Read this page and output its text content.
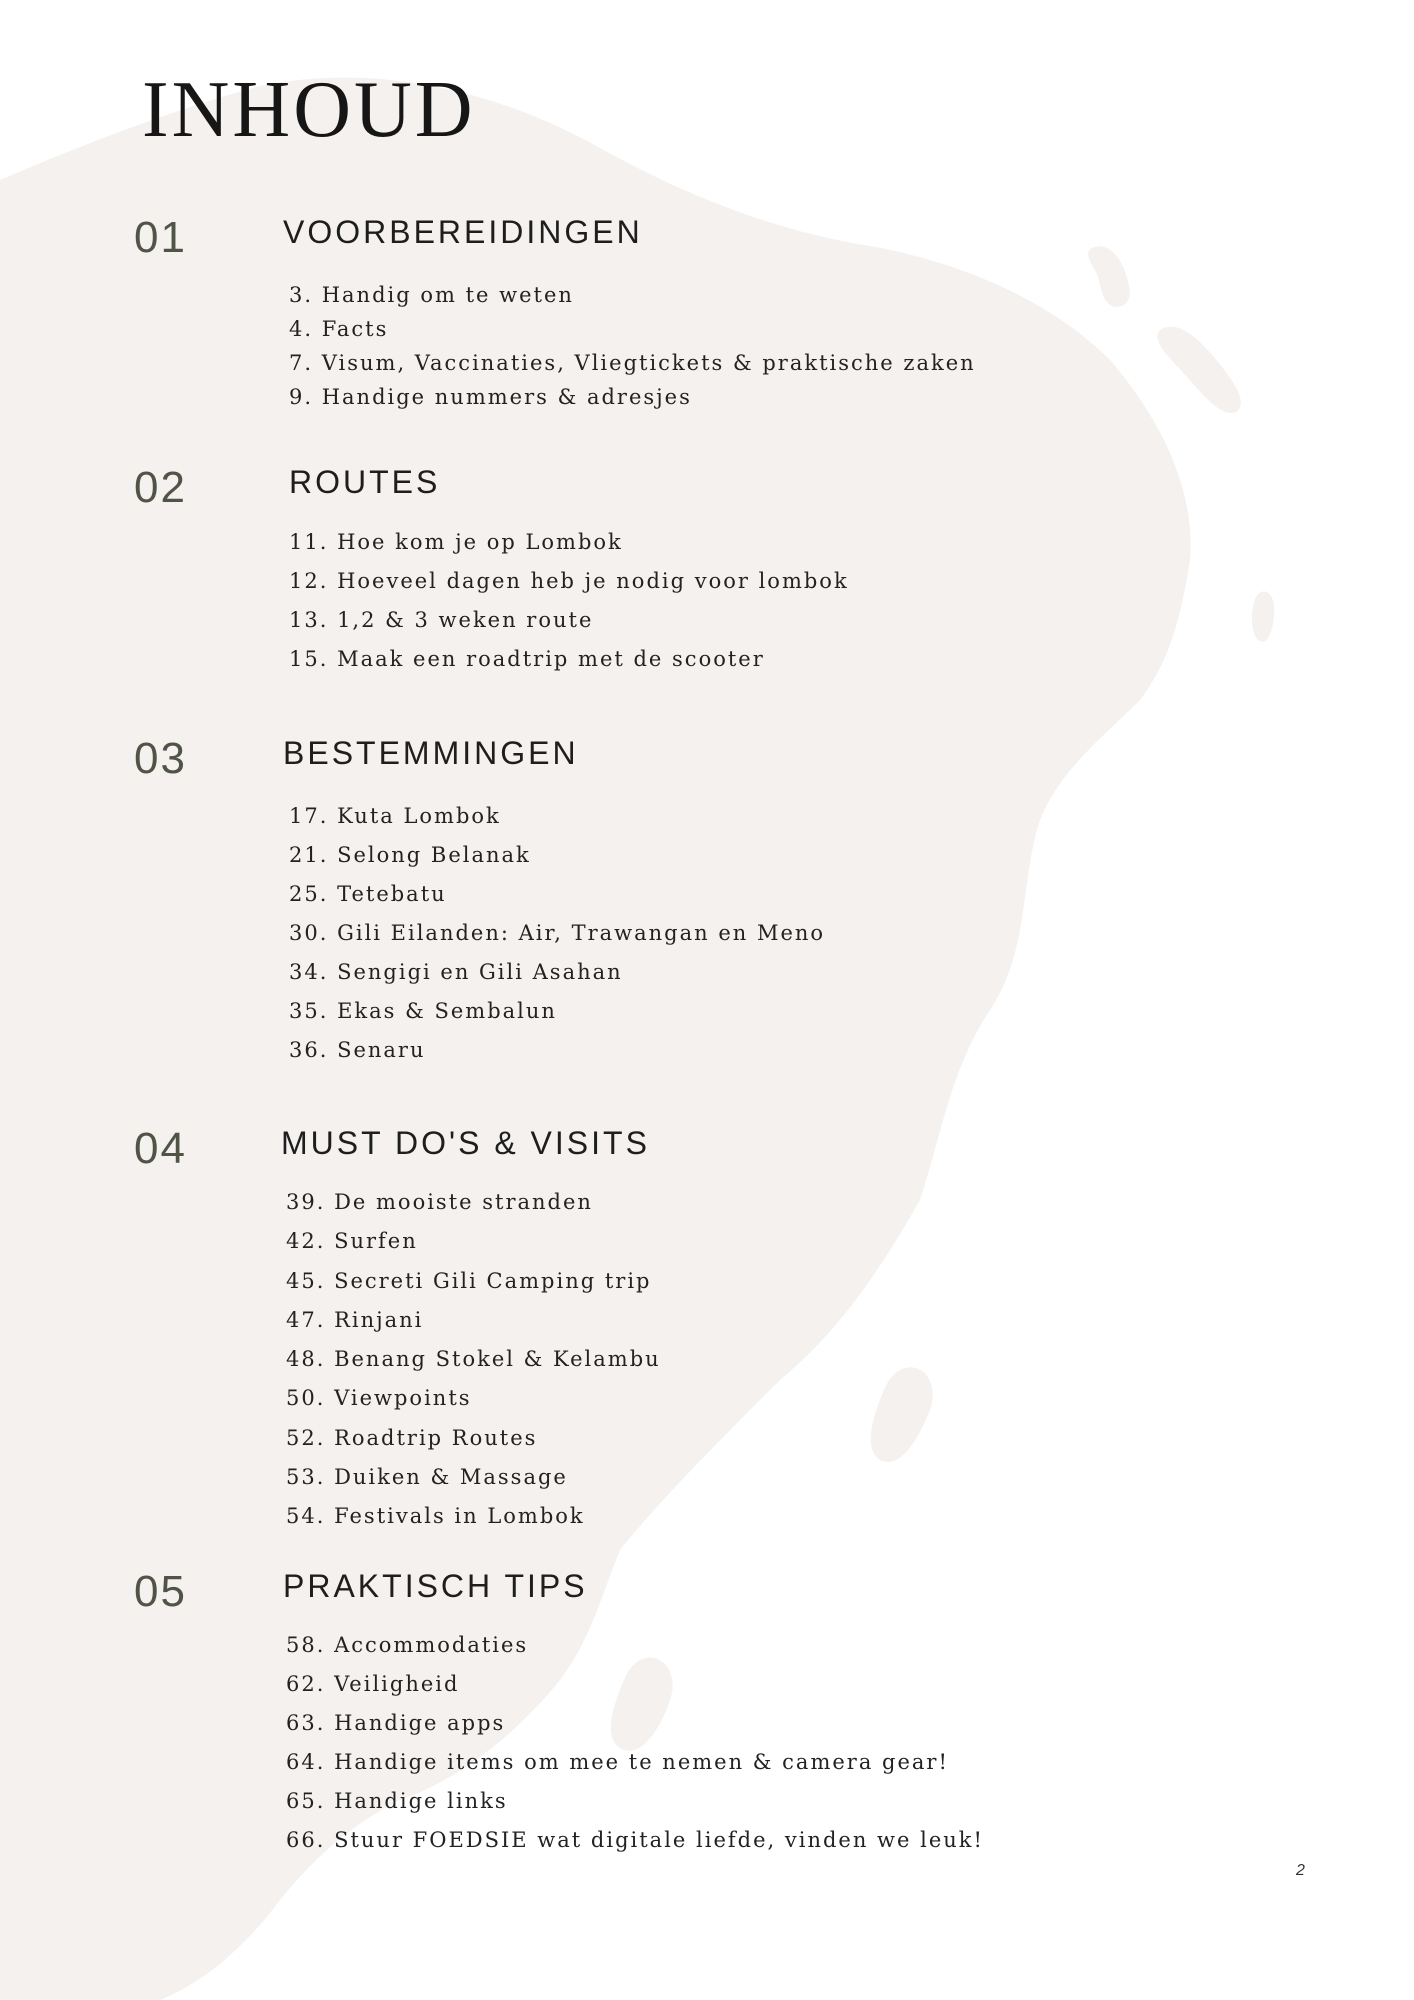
INHOUD
01	VOORBEREIDINGEN
3. Handig om te weten
4. Facts
7. Visum, Vaccinaties, Vliegtickets & praktische zaken
9. Handige nummers & adresjes
02	ROUTES
11. Hoe kom je op Lombok
12. Hoeveel dagen heb je nodig voor lombok
13. 1,2 & 3 weken route
15. Maak een roadtrip met de scooter
03	BESTEMMINGEN
17. Kuta Lombok
21. Selong Belanak
25. Tetebatu
30. Gili Eilanden: Air, Trawangan en Meno
34. Sengigi en Gili Asahan
35. Ekas & Sembalun
36. Senaru
04	MUST DO'S & VISITS
39. De mooiste stranden
42. Surfen
45. Secreti Gili Camping trip
47. Rinjani
48. Benang Stokel & Kelambu
50. Viewpoints
52. Roadtrip Routes
53. Duiken & Massage
54. Festivals in Lombok
05	PRAKTISCH TIPS
58. Accommodaties
62. Veiligheid
63. Handige apps
64. Handige items om mee te nemen & camera gear!
65. Handige links
66. Stuur FOEDSIE wat digitale liefde, vinden we leuk!
2
